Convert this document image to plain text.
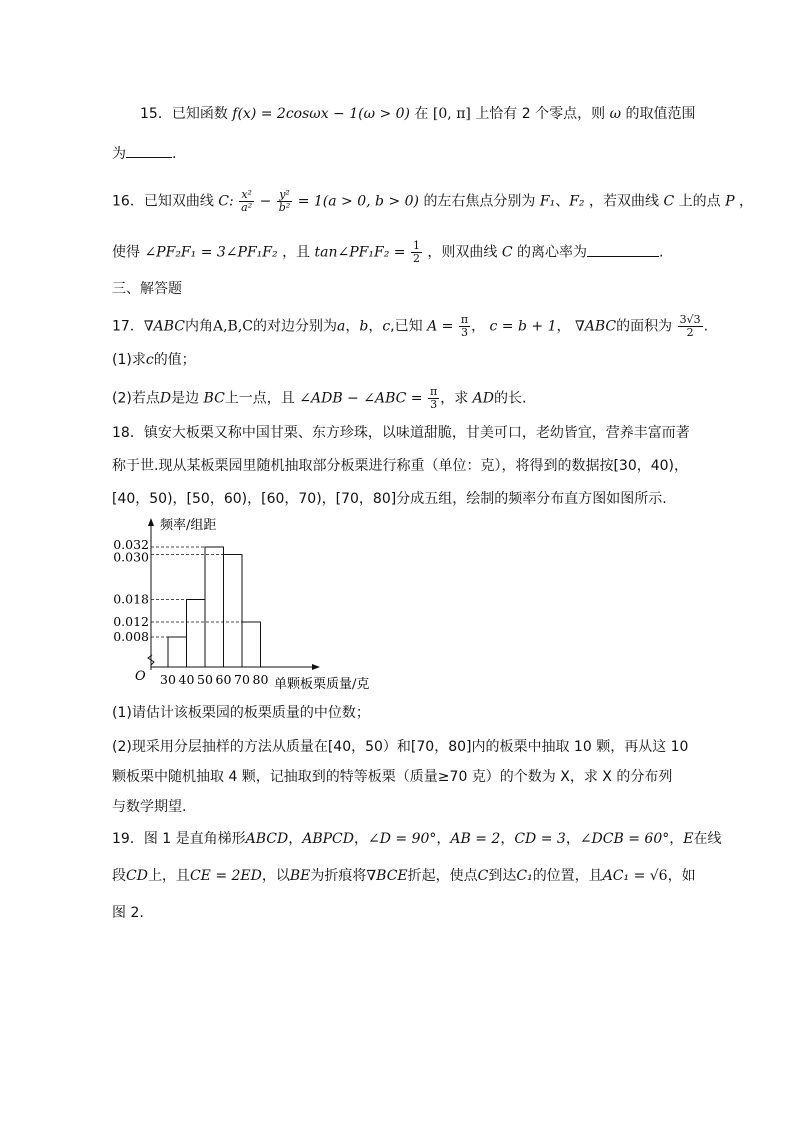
15．已知函数 f(x) = 2cosωx − 1(ω > 0) 在 [0, π] 上恰有 2 个零点，则 ω 的取值范围
为	.
16．已知双曲线 C: $\frac{\text{x²}}{\text{a²}} - \frac{\text{y²}}{\text{b²}} = 1(a > 0$, b > 0) 的左右焦点分别为 F₁、F₂ ，若双曲线 C 上的点 P ，
使得 ∠PF₂F₁ = 3∠PF₁F₂ ，且 tan∠PF₁F₂ = $\frac{1}{2}$ ，则双曲线 C 的离心率为	.
三、解答题
17．∇ABC内角A,B,C的对边分别为a，b，c,已知 $A = \frac{\pi}{3}$ ， c = b + 1， ∇ABC的面积为 $\frac{3√3}{2}$ .
(1)求c的值；
(2)若点D是边 BC上一点，且 ∠ADB − ∠ABC = $\frac{\pi}{3}$ ，求 AD的长.
18．镇安大板栗又称中国甘栗、东方珍珠，以味道甜脆，甘美可口，老幼皆宜，营养丰富而著
称于世.现从某板栗园里随机抽取部分板栗进行称重（单位：克），将得到的数据按[30，40)，
[40，50)，[50，60)，[60，70)，[70，80]分成五组，绘制的频率分布直方图如图所示.
频率/组距
单颗板栗质量/克
O
0.032
0.030
0.018
0.012
0.008
30 40 50 60 70 80
(1)请估计该板栗园的板栗质量的中位数；
(2)现采用分层抽样的方法从质量在[40，50）和[70，80]内的板栗中抽取 10 颗，再从这 10
颗板栗中随机抽取 4 颗，记抽取到的特等板栗（质量≥70 克）的个数为 X，求 X 的分布列
与数学期望.
19．图 1 是直角梯形ABCD，ABPCD，∠D = 90°，AB = 2，CD = 3，∠DCB = 60°，E在线
段CD上，且CE = 2ED，以BE为折痕将∇BCE折起，使点C到达C₁的位置，且AC₁ = √6，如
图 2.
